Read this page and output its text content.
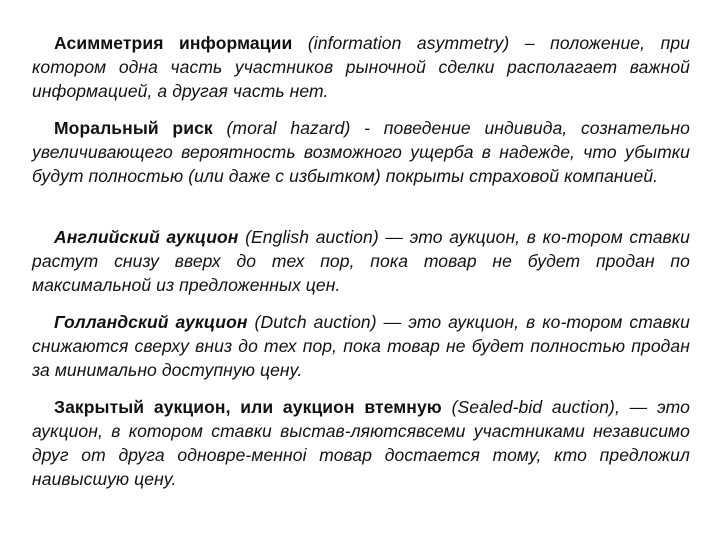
Асимметрия информации (information asymmetry) – положение, при котором одна часть участников рыночной сделки располагает важной информацией, а другая часть нет.

Моральный риск (moral hazard) - поведение индивида, сознательно увеличивающего вероятность возможного ущерба в надежде, что убытки будут полностью (или даже с избытком) покрыты страховой компанией.

Английский аукцион (English auction) — это аукцион, в ко-тором ставки растут снизу вверх до тех пор, пока товар не будет продан по максимальной из предложенных цен.

Голландский аукцион (Dutch auction) — это аукцион, в ко-тором ставки снижаются сверху вниз до тех пор, пока товар не будет полностью продан за минимально доступную цену.

Закрытый аукцион, или аукцион втемную (Sealed-bid auction), — это аукцион, в котором ставки выстав-ляютсявсеми участниками независимо друг от друга одновре-менноi товар достается тому, кто предложил наивысшую цену.
